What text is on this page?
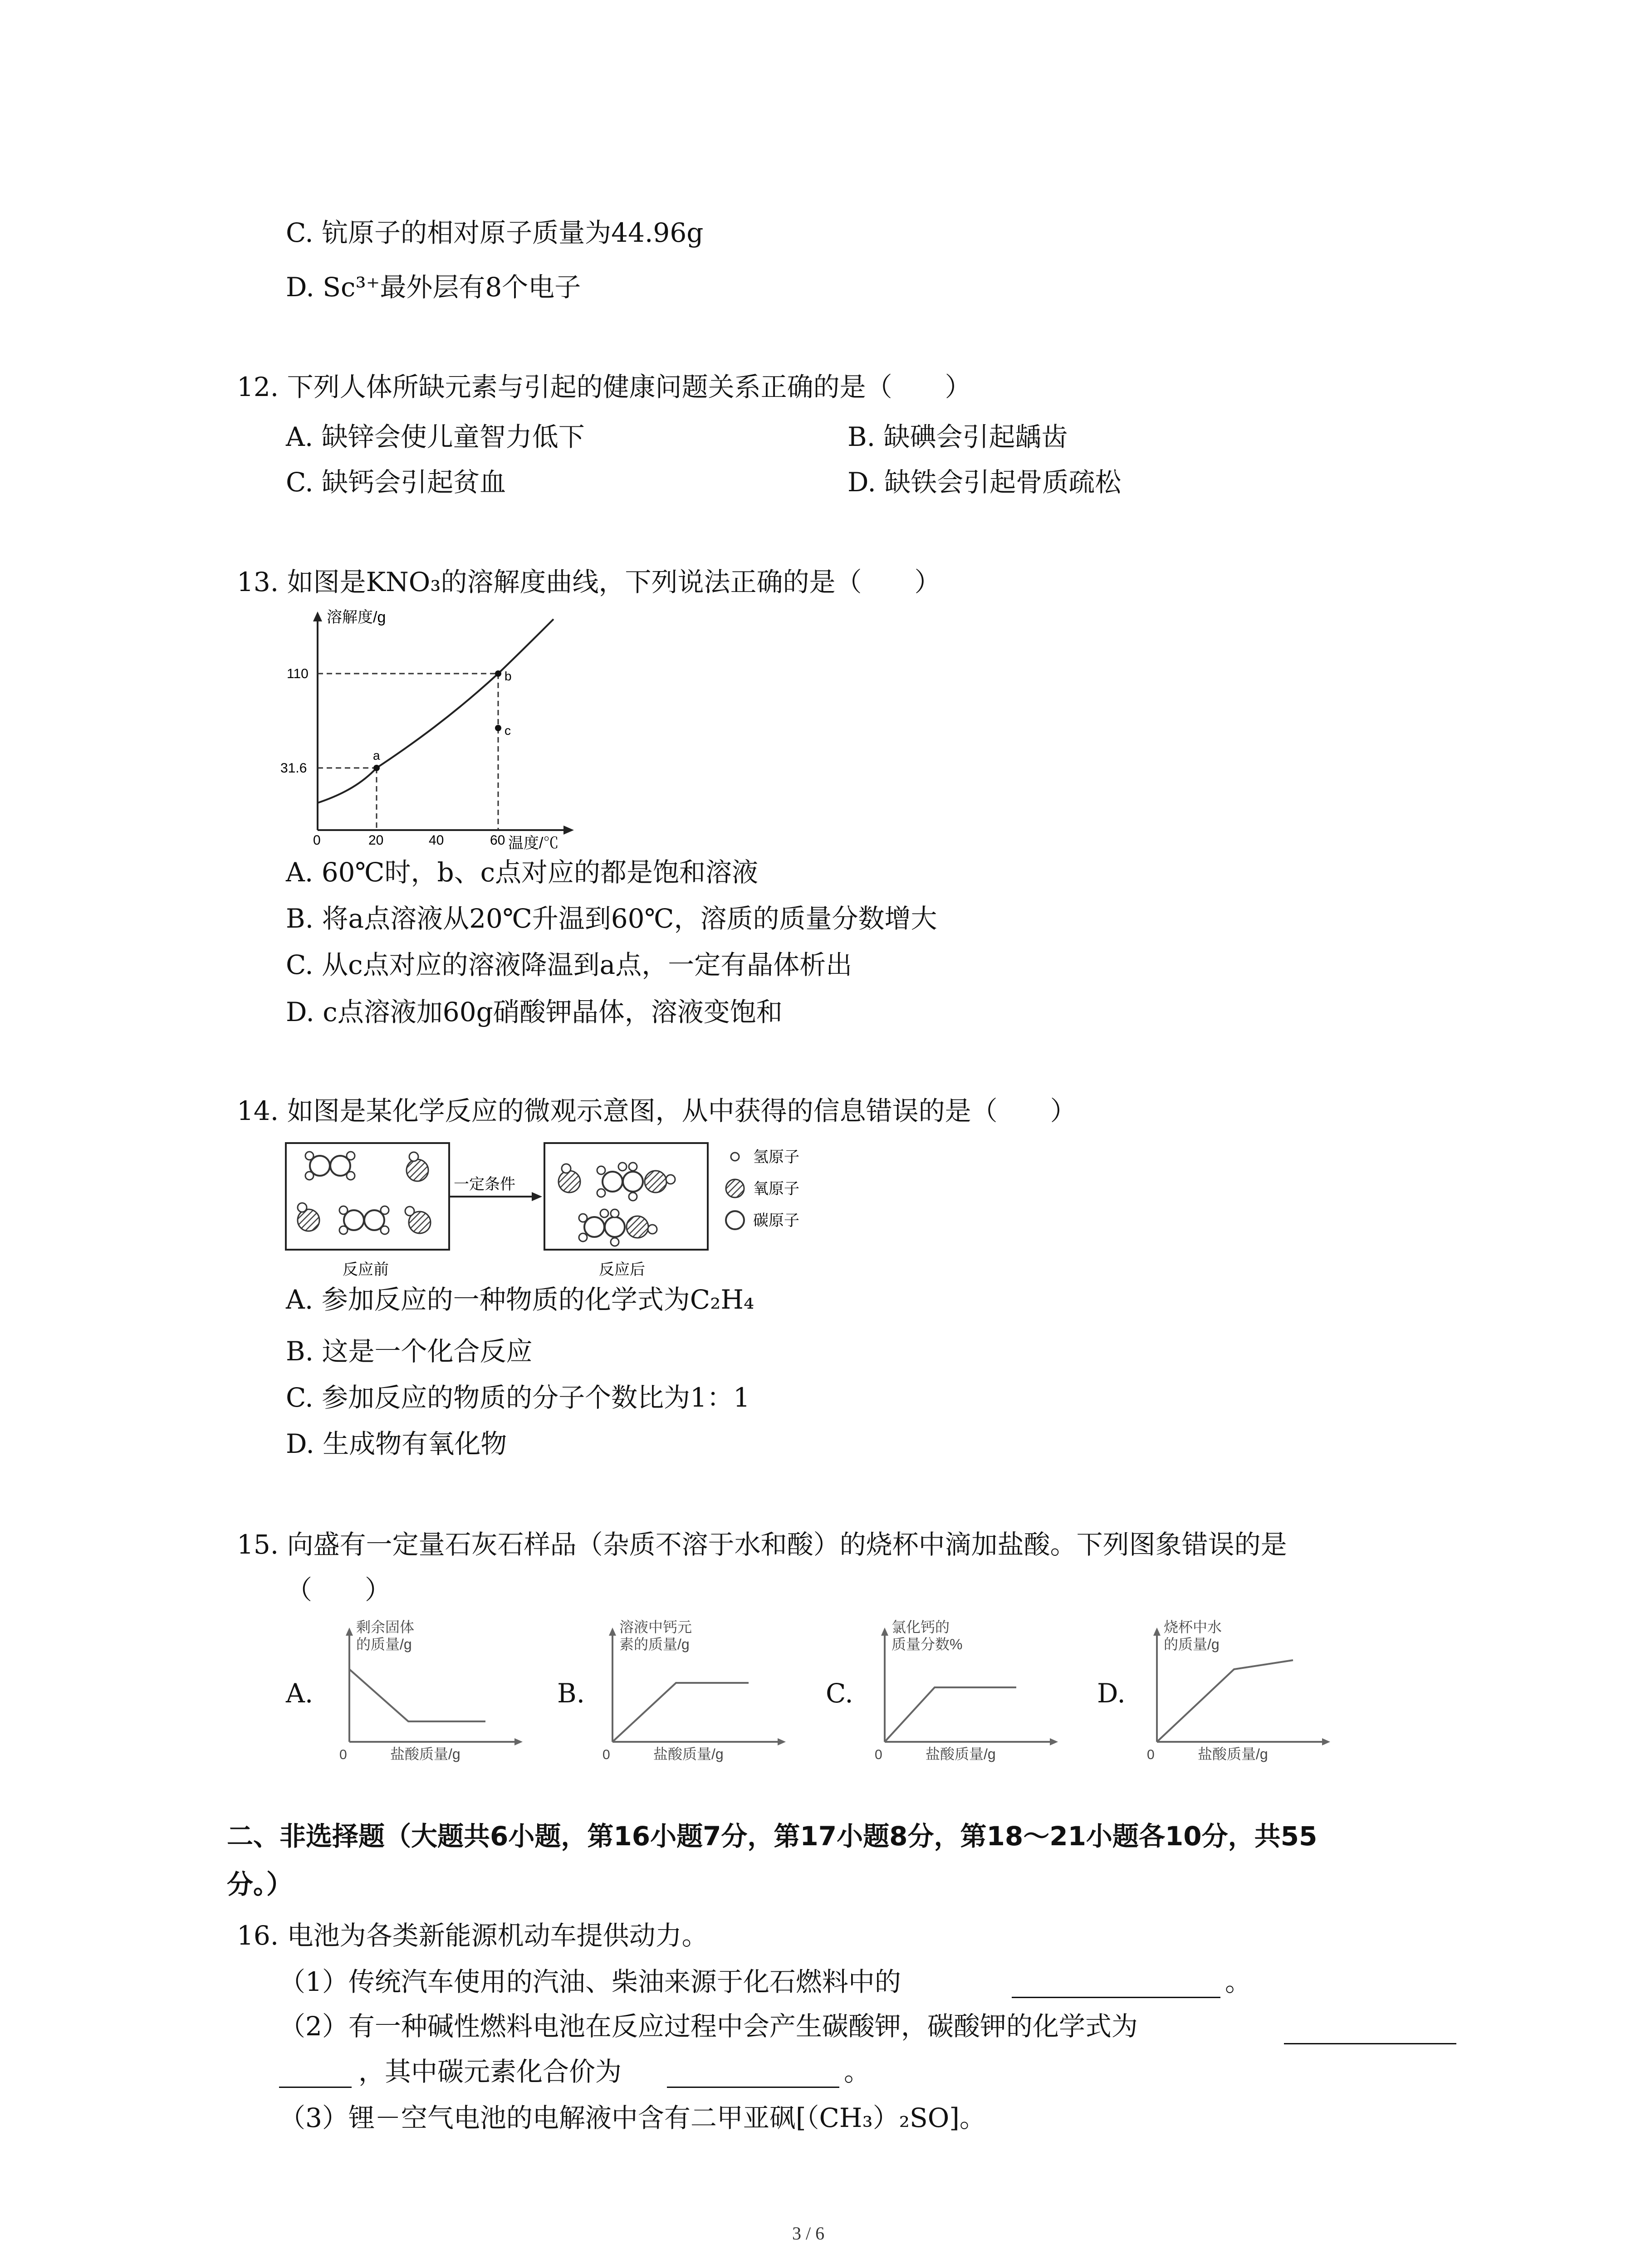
C. 钪原子的相对原子质量为44.96g
D. Sc³⁺最外层有8个电子
12. 下列人体所缺元素与引起的健康问题关系正确的是（　　）
A. 缺锌会使儿童智力低下	B. 缺碘会引起龋齿
C. 缺钙会引起贫血	D. 缺铁会引起骨质疏松
13. 如图是KNO₃的溶解度曲线，下列说法正确的是（　　）
a
b
c
溶解度/g
温度/℃
110
31.6
0	20	40	60
A. 60℃时，b、c点对应的都是饱和溶液
B. 将a点溶液从20℃升温到60℃，溶质的质量分数增大
C. 从c点对应的溶液降温到a点，一定有晶体析出
D. c点溶液加60g硝酸钾晶体，溶液变饱和
14. 如图是某化学反应的微观示意图，从中获得的信息错误的是（　　）
一定条件
氢原子
氧原子
碳原子
反应前	反应后
A. 参加反应的一种物质的化学式为C₂H₄
B. 这是一个化合反应
C. 参加反应的物质的分子个数比为1：1
D. 生成物有氧化物
15. 向盛有一定量石灰石样品（杂质不溶于水和酸）的烧杯中滴加盐酸。下列图象错误的是
（　　）
A.
剩余固体
的质量/g
0	盐酸质量/g
B.
溶液中钙元
素的质量/g
0	盐酸质量/g
C.
氯化钙的
质量分数%
0	盐酸质量/g
D.
烧杯中水
的质量/g
0	盐酸质量/g
二、非选择题（大题共6小题，第16小题7分，第17小题8分，第18～21小题各10分，共55
分。）
16. 电池为各类新能源机动车提供动力。
（1）传统汽车使用的汽油、柴油来源于化石燃料中的	。
（2）有一种碱性燃料电池在反应过程中会产生碳酸钾，碳酸钾的化学式为
，其中碳元素化合价为	。
（3）锂－空气电池的电解液中含有二甲亚砜[（CH₃）₂SO]。
3 / 6
